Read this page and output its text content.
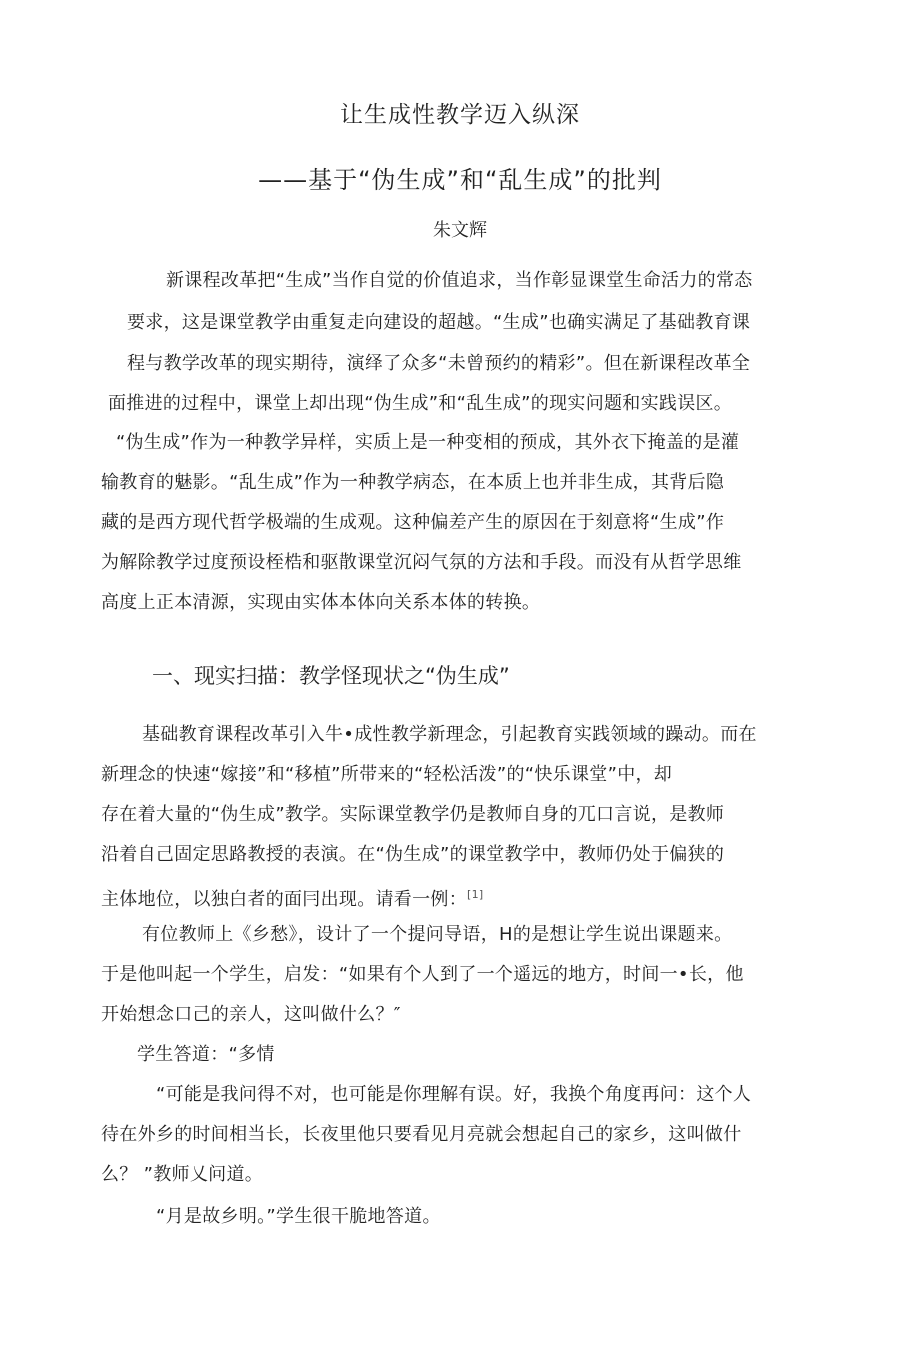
让生成性教学迈入纵深
——基于“伪生成”和“乱生成”的批判
朱文辉
新课程改革把“生成”当作自觉的价值追求，当作彰显课堂生命活力的常态
要求，这是课堂教学由重复走向建设的超越。“生成”也确实满足了基础教育课
程与教学改革的现实期待，演绎了众多“未曾预约的精彩”。但在新课程改革全
面推进的过程中，课堂上却出现“伪生成”和“乱生成”的现实问题和实践误区。
“伪生成”作为一种教学异样，实质上是一种变相的预成，其外衣下掩盖的是灌
输教育的魅影。“乱生成”作为一种教学病态，在本质上也并非生成，其背后隐
藏的是西方现代哲学极端的生成观。这种偏差产生的原因在于刻意将“生成”作
为解除教学过度预设桎梏和驱散课堂沉闷气氛的方法和手段。而没有从哲学思维
高度上正本清源，实现由实体本体向关系本体的转换。
一、现实扫描：教学怪现状之“伪生成”
基础教育课程改革引入牛•成性教学新理念，引起教育实践领域的躁动。而在
新理念的快速“嫁接”和“移植”所带来的“轻松活泼”的“快乐课堂”中，却
存在着大量的“伪生成”教学。实际课堂教学仍是教师自身的兀口言说，是教师
沿着自己固定思路教授的表演。在“伪生成”的课堂教学中，教师仍处于偏狭的
主体地位，以独白者的面冃出现。请看一例：[1]
有位教师上《乡愁》，设计了一个提问导语，H的是想让学生说出课题来。
于是他叫起一个学生，启发：“如果有个人到了一个遥远的地方，时间一•长，他
开始想念口己的亲人，这叫做什么？″
学生答道：“多情
“可能是我问得不对，也可能是你理解有误。好，我换个角度再问：这个人
待在外乡的时间相当长，长夜里他只要看见月亮就会想起自己的家乡，这叫做什
么？ ”教师乂问道。
“月是故乡明。”学生很干脆地答道。
